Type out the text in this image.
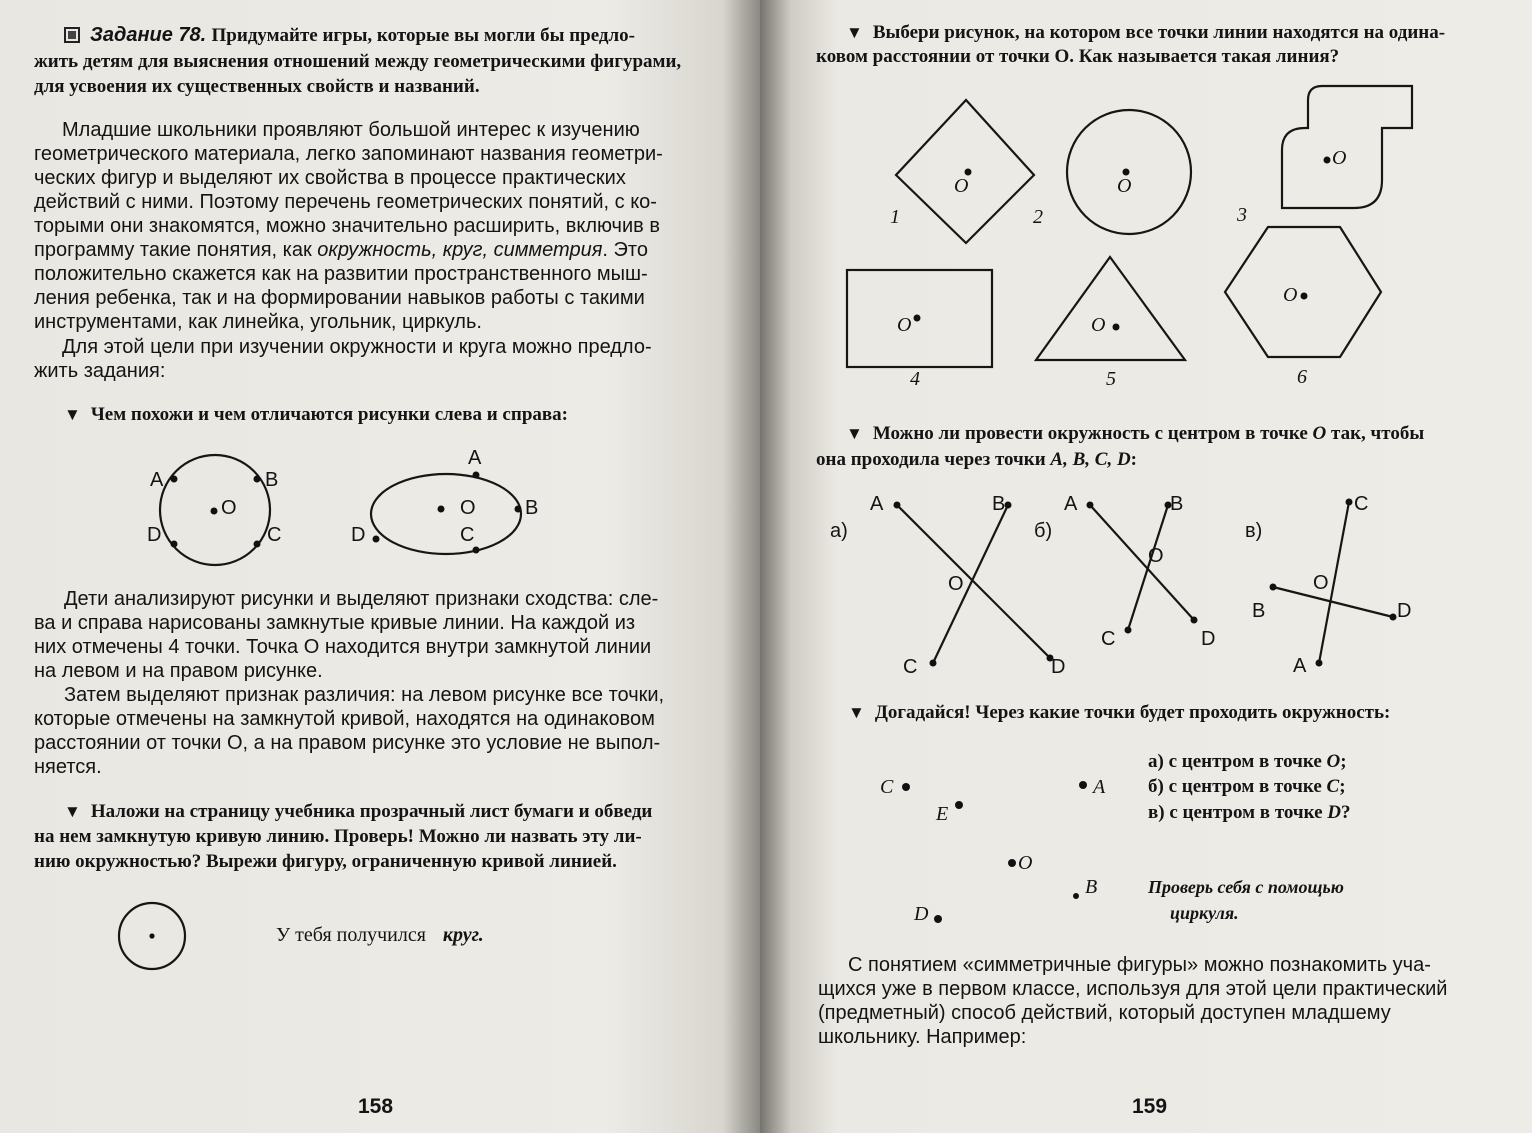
Задание 78. Придумайте игры, которые вы могли бы предло-
жить детям для выяснения отношений между геометрическими фигурами,
для усвоения их существенных свойств и названий.
Младшие школьники проявляют большой интерес к изучению
геометрического материала, легко запоминают названия геометри-
ческих фигур и выделяют их свойства в процессе практических
действий с ними. Поэтому перечень геометрических понятий, с ко-
торыми они знакомятся, можно значительно расширить, включив в
программу такие понятия, как окружность, круг, симметрия. Это
положительно скажется как на развитии пространственного мыш-
ления ребенка, так и на формировании навыков работы с такими
инструментами, как линейка, угольник, циркуль.
Для этой цели при изучении окружности и круга можно предло-
жить задания:
▼ Чем похожи и чем отличаются рисунки слева и справа:
A	B
O
D	C
A
O B
D	C
Дети анализируют рисунки и выделяют признаки сходства: сле-
ва и справа нарисованы замкнутые кривые линии. На каждой из
них отмечены 4 точки. Точка О находится внутри замкнутой линии
на левом и на правом рисунке.
Затем выделяют признак различия: на левом рисунке все точки,
которые отмечены на замкнутой кривой, находятся на одинаковом
расстоянии от точки О, а на правом рисунке это условие не выпол-
няется.
▼ Наложи на страницу учебника прозрачный лист бумаги и обведи
на нем замкнутую кривую линию. Проверь! Можно ли назвать эту ли-
нию окружностью? Вырежи фигуру, ограниченную кривой линией.
У тебя получился круг.
158
▼ Выбери рисунок, на котором все точки линии находятся на одина-
ковом расстоянии от точки О. Как называется такая линия?
O	O
O
O	O
O
1	2	3
4	5	6
▼ Можно ли провести окружность с центром в точке O так, чтобы
она проходила через точки A, B, C, D:
а)	б)	в)
A	B
O
C	D
A	B
O
C	D
C
O
B	D
A
▼ Догадайся! Через какие точки будет проходить окружность:
а) с центром в точке О;
б) с центром в точке С;
в) с центром в точке D?
C	A
E
O
B
D
Проверь себя с помощью
циркуля.
С понятием «симметричные фигуры» можно познакомить уча-
щихся уже в первом классе, используя для этой цели практический
(предметный) способ действий, который доступен младшему
школьнику. Например:
159
